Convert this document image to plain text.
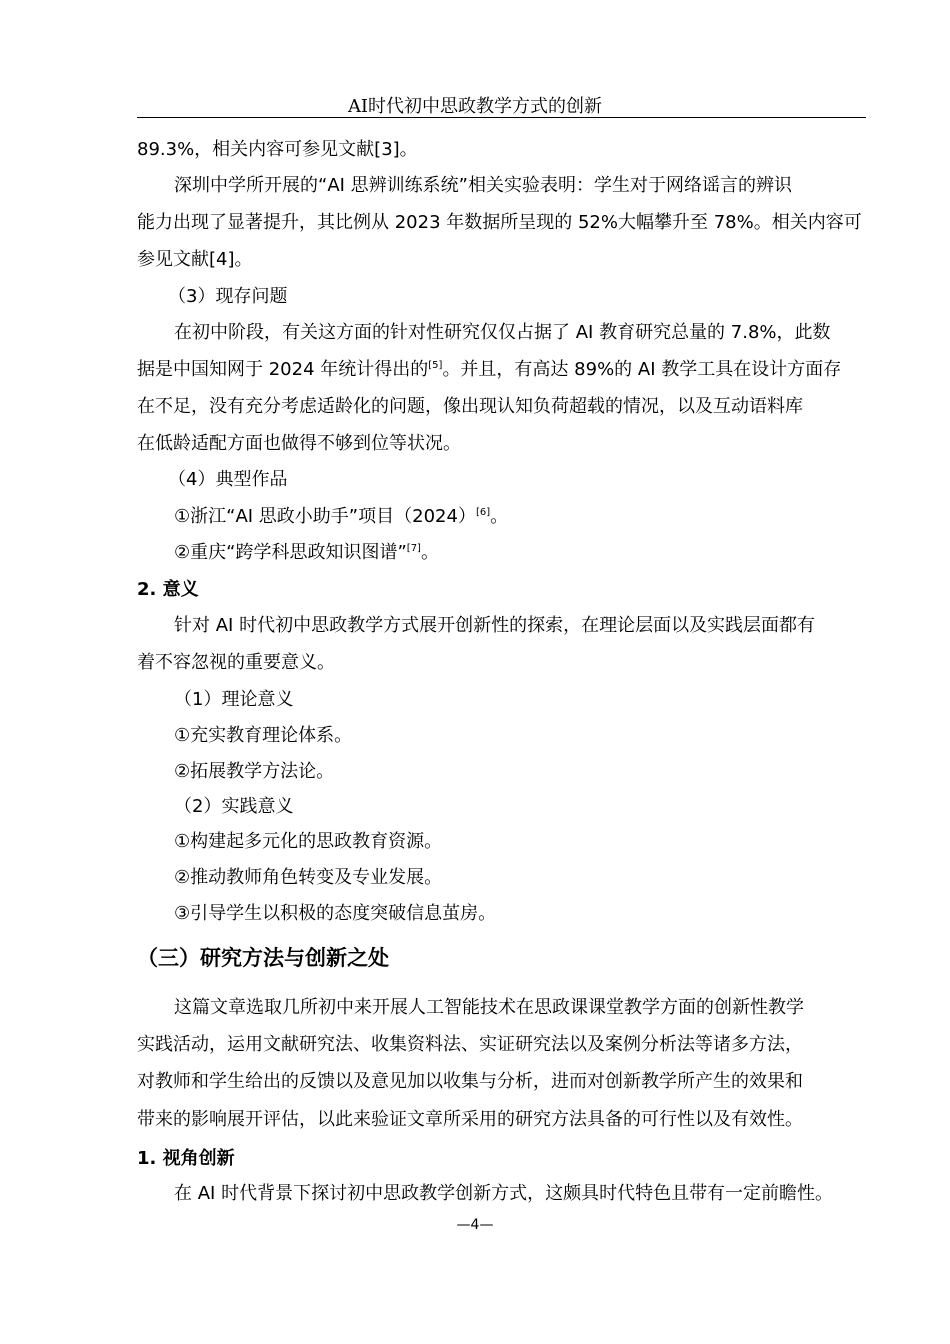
AI时代初中思政教学方式的创新
89.3%，相关内容可参见文献[3]。
深圳中学所开展的“AI 思辨训练系统”相关实验表明：学生对于网络谣言的辨识
能力出现了显著提升，其比例从 2023 年数据所呈现的 52%大幅攀升至 78%。相关内容可
参见文献[4]。
（3）现存问题
在初中阶段，有关这方面的针对性研究仅仅占据了 AI 教育研究总量的 7.8%，此数
据是中国知网于 2024 年统计得出的[5]。并且，有高达 89%的 AI 教学工具在设计方面存
在不足，没有充分考虑适龄化的问题，像出现认知负荷超载的情况，以及互动语料库
在低龄适配方面也做得不够到位等状况。
（4）典型作品
①浙江“AI 思政小助手”项目（2024）[6]。
②重庆“跨学科思政知识图谱”[7]。
2. 意义
针对 AI 时代初中思政教学方式展开创新性的探索，在理论层面以及实践层面都有
着不容忽视的重要意义。
（1）理论意义
①充实教育理论体系。
②拓展教学方法论。
（2）实践意义
①构建起多元化的思政教育资源。
②推动教师角色转变及专业发展。
③引导学生以积极的态度突破信息茧房。
（三）研究方法与创新之处
这篇文章选取几所初中来开展人工智能技术在思政课课堂教学方面的创新性教学
实践活动，运用文献研究法、收集资料法、实证研究法以及案例分析法等诸多方法，
对教师和学生给出的反馈以及意见加以收集与分析，进而对创新教学所产生的效果和
带来的影响展开评估，以此来验证文章所采用的研究方法具备的可行性以及有效性。
1. 视角创新
在 AI 时代背景下探讨初中思政教学创新方式，这颇具时代特色且带有一定前瞻性。
—4—
